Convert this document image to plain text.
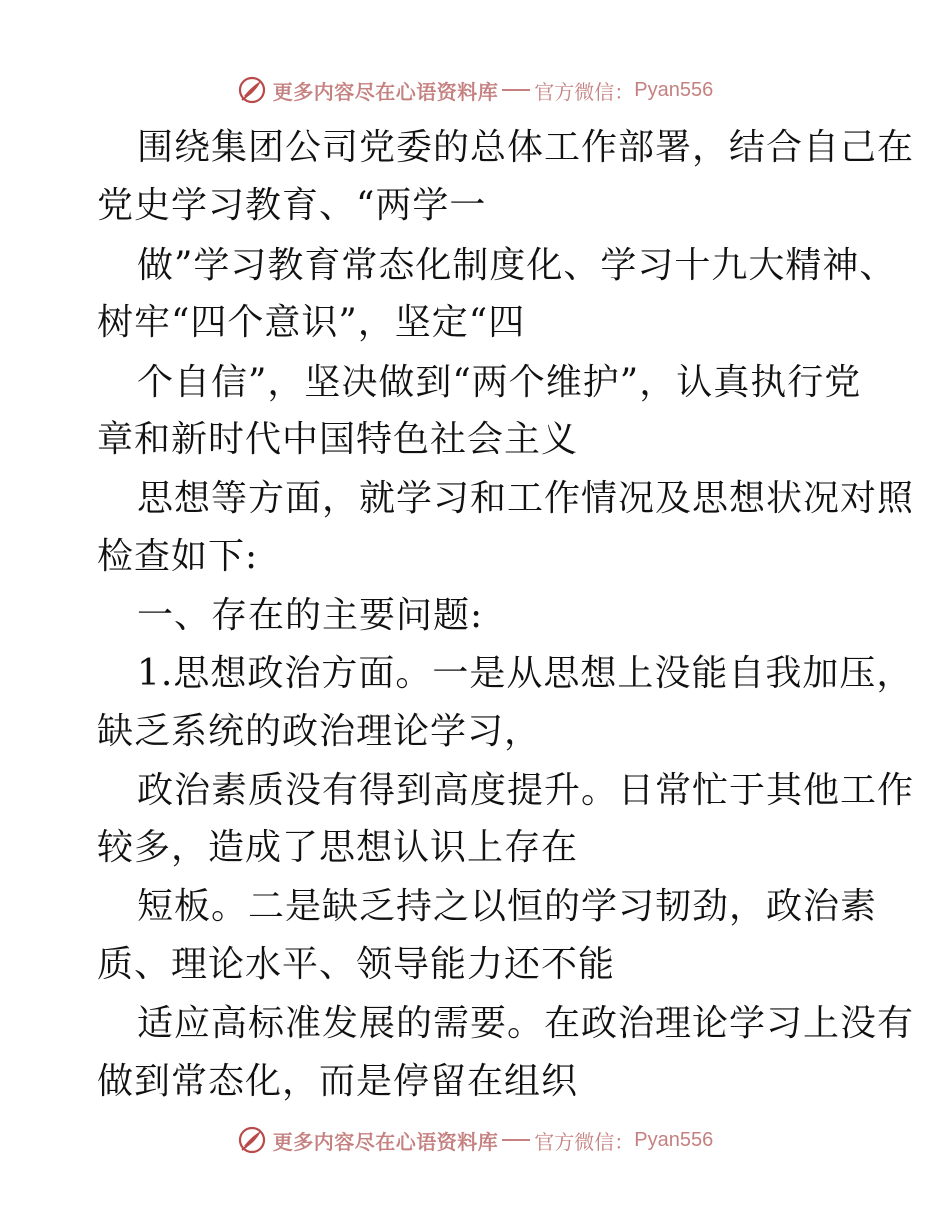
更多内容尽在心语资料库 官方微信： Pyan556
围绕集团公司党委的总体工作部署，结合自己在
党史学习教育、“两学一
做”学习教育常态化制度化、学习十九大精神、
树牢“四个意识”，坚定“四
个自信”，坚决做到“两个维护”，认真执行党
章和新时代中国特色社会主义
思想等方面，就学习和工作情况及思想状况对照
检查如下:
一、存在的主要问题:
1.思想政治方面。一是从思想上没能自我加压，
缺乏系统的政治理论学习，
政治素质没有得到高度提升。日常忙于其他工作
较多，造成了思想认识上存在
短板。二是缺乏持之以恒的学习韧劲，政治素
质、理论水平、领导能力还不能
适应高标准发展的需要。在政治理论学习上没有
做到常态化，而是停留在组织
更多内容尽在心语资料库 官方微信： Pyan556
